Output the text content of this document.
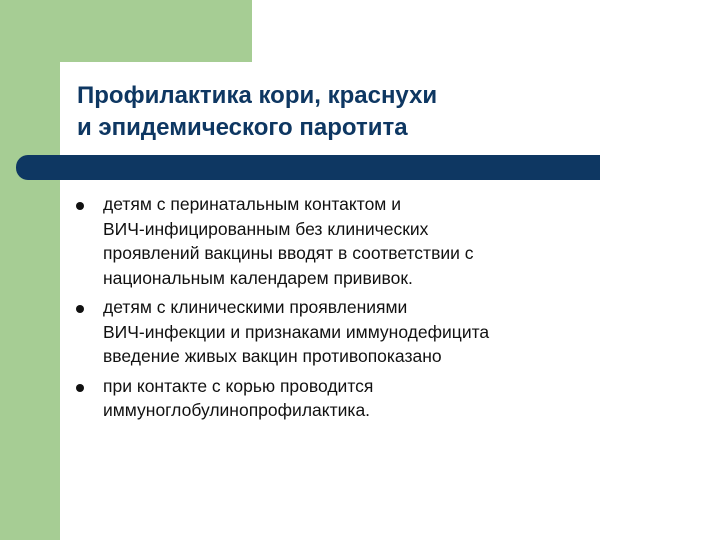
Профилактика кори, краснухи
и эпидемического паротита
детям с перинатальным контактом и
ВИЧ-инфицированным без клинических
проявлений вакцины вводят в соответствии с
национальным календарем прививок.
детям с клиническими проявлениями
ВИЧ-инфекции и признаками иммунодефицита
введение живых вакцин противопоказано
при контакте с корью проводится
иммуноглобулинопрофилактика.
